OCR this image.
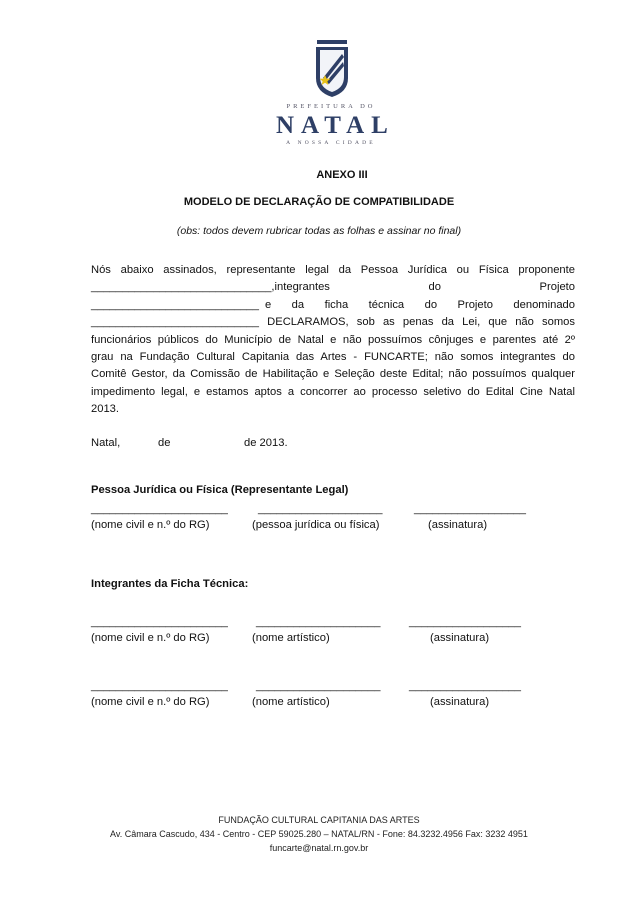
PREFEITURA DO
NATAL
A NOSSA CIDADE
ANEXO III
MODELO DE DECLARAÇÃO DE COMPATIBILIDADE
(obs: todos devem rubricar todas as folhas e assinar no final)
Nós abaixo assinados, representante legal da Pessoa Jurídica ou Física proponente
_____________________________,integrantes	do	Projeto
___________________________ e da ficha técnica do Projeto denominado
___________________________ DECLARAMOS, sob as penas da Lei, que não somos
funcionários públicos do Município de Natal e não possuímos cônjuges e parentes até 2º
grau na Fundação Cultural Capitania das Artes - FUNCARTE; não somos integrantes do
Comitê Gestor, da Comissão de Habilitação e Seleção deste Edital; não possuímos qualquer
impedimento legal, e estamos aptos a concorrer ao processo seletivo do Edital Cine Natal
2013.
Natal,	de	de 2013.
Pessoa Jurídica ou Física (Representante Legal)
______________________	____________________	__________________
(nome civil e n.º do RG)	(pessoa jurídica ou física)	(assinatura)
Integrantes da Ficha Técnica:
______________________	____________________	__________________
(nome civil e n.º do RG)	(nome artístico)	(assinatura)
______________________	____________________	__________________
(nome civil e n.º do RG)	(nome artístico)	(assinatura)
FUNDAÇÃO CULTURAL CAPITANIA DAS ARTES
Av. Câmara Cascudo, 434 - Centro - CEP 59025.280 – NATAL/RN - Fone: 84.3232.4956 Fax: 3232 4951
funcarte@natal.rn.gov.br
